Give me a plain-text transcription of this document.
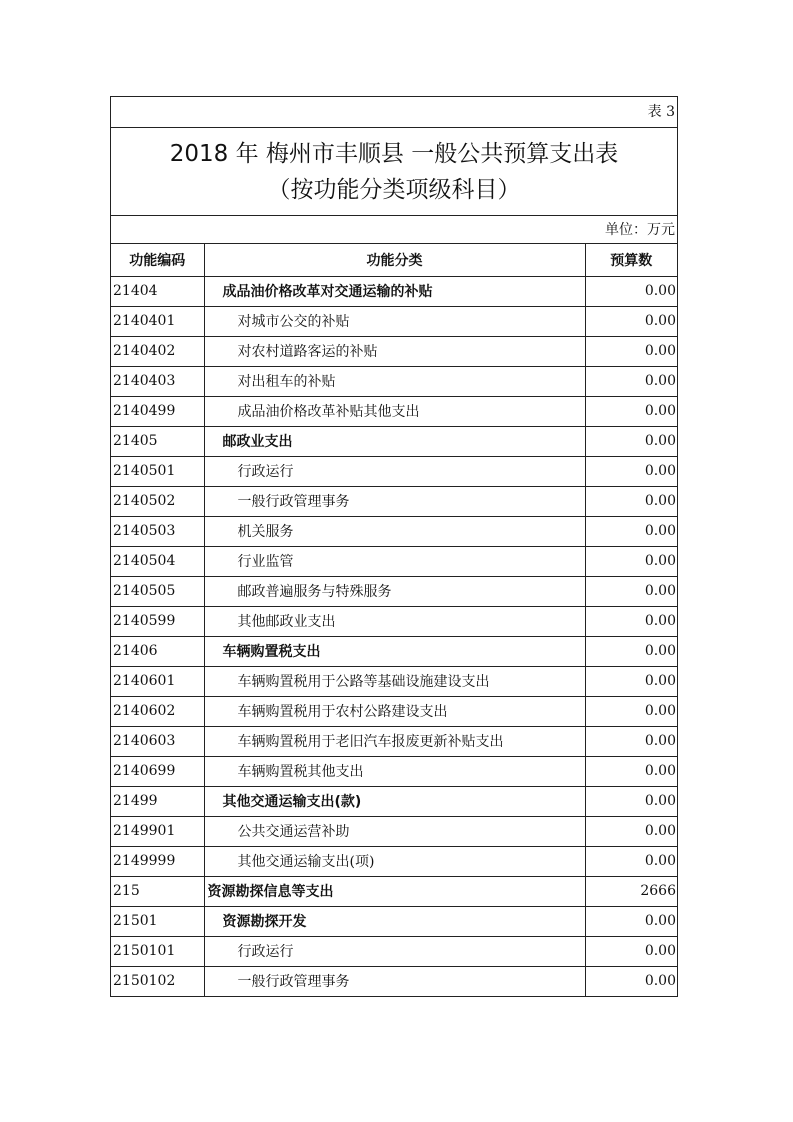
表 3
2018 年 梅州市丰顺县 一般公共预算支出表
（按功能分类项级科目）
单位：万元
功能编码	功能分类	预算数
21404	成品油价格改革对交通运输的补贴	0.00
2140401	对城市公交的补贴	0.00
2140402	对农村道路客运的补贴	0.00
2140403	对出租车的补贴	0.00
2140499	成品油价格改革补贴其他支出	0.00
21405	邮政业支出	0.00
2140501	行政运行	0.00
2140502	一般行政管理事务	0.00
2140503	机关服务	0.00
2140504	行业监管	0.00
2140505	邮政普遍服务与特殊服务	0.00
2140599	其他邮政业支出	0.00
21406	车辆购置税支出	0.00
2140601	车辆购置税用于公路等基础设施建设支出	0.00
2140602	车辆购置税用于农村公路建设支出	0.00
2140603	车辆购置税用于老旧汽车报废更新补贴支出	0.00
2140699	车辆购置税其他支出	0.00
21499	其他交通运输支出(款)	0.00
2149901	公共交通运营补助	0.00
2149999	其他交通运输支出(项)	0.00
215	资源勘探信息等支出	2666
21501	资源勘探开发	0.00
2150101	行政运行	0.00
2150102	一般行政管理事务	0.00
